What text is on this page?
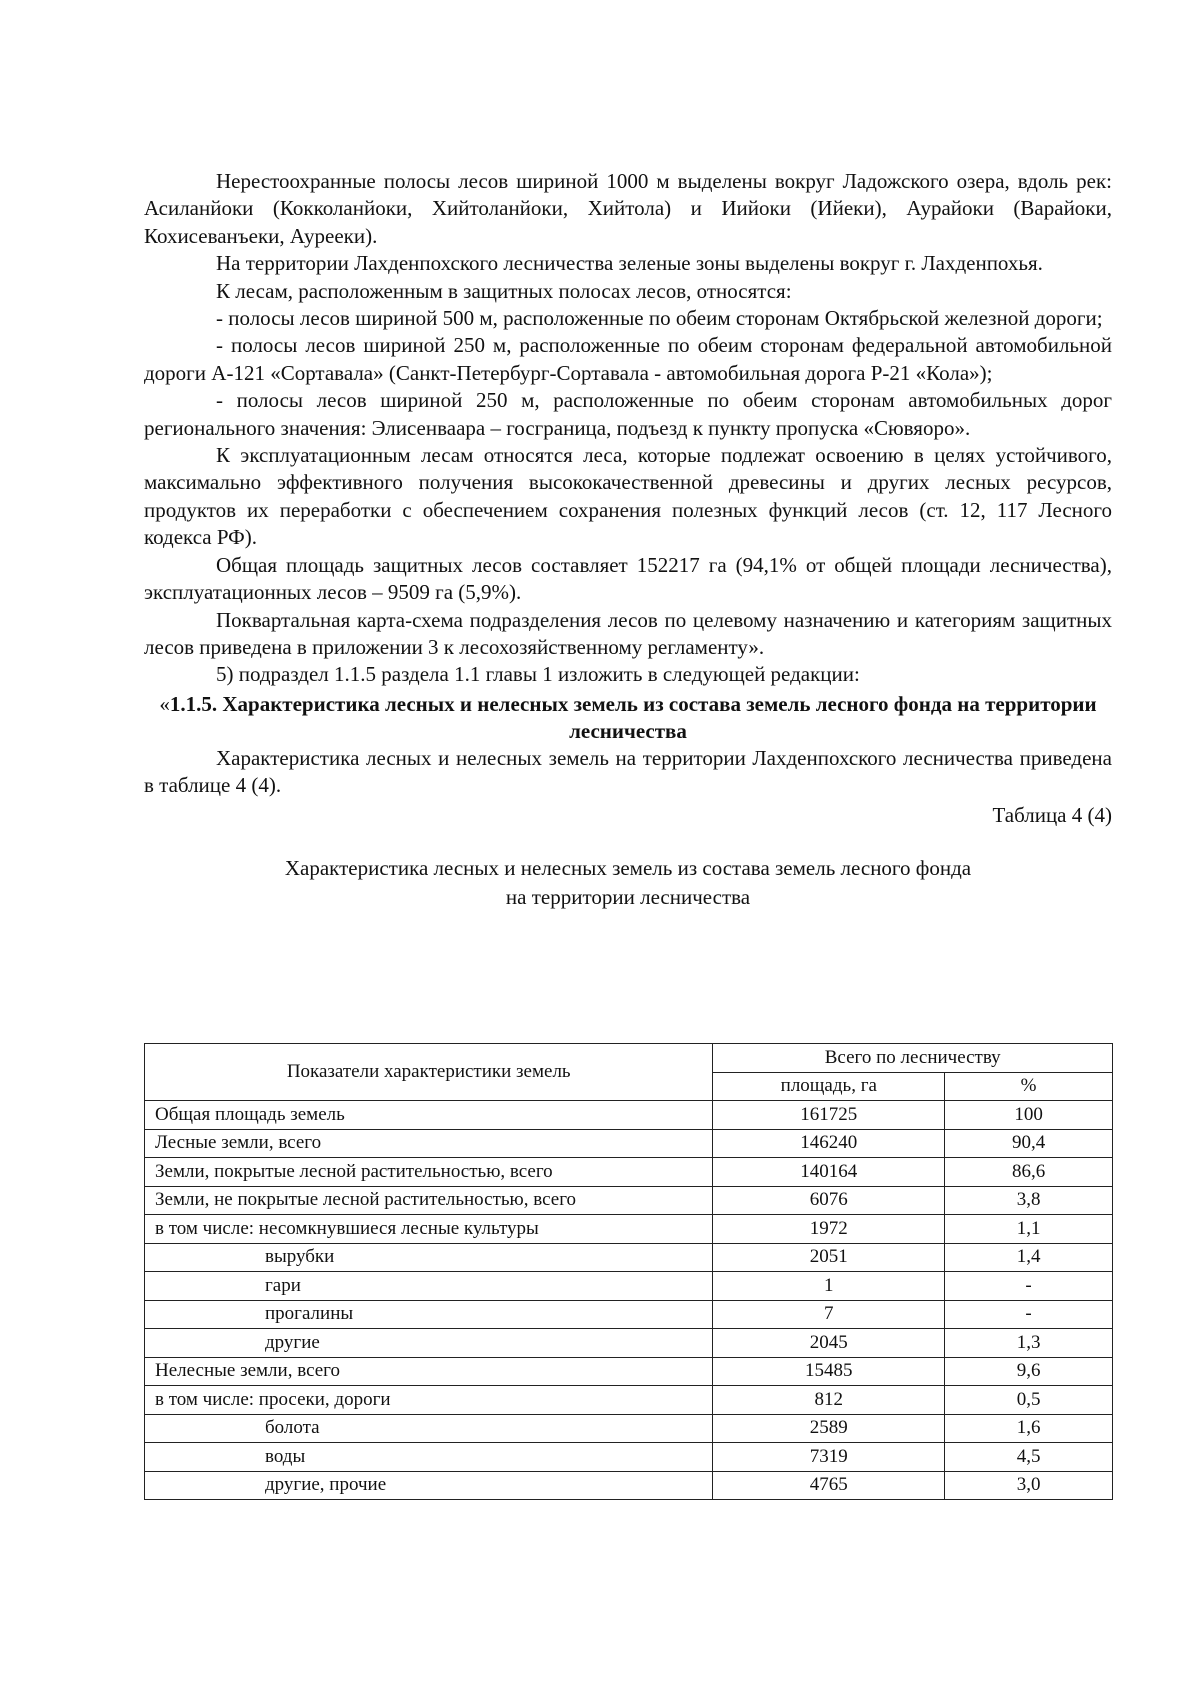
Нерестоохранные полосы лесов шириной 1000 м выделены вокруг Ладожского озера, вдоль рек: Асиланйоки (Кокколанйоки, Хийтоланйоки, Хийтола) и Иийоки (Ийеки), Аурайоки (Варайоки, Кохисеванъеки, Аурееки).

На территории Лахденпохского лесничества зеленые зоны выделены вокруг г. Лахденпохья.

К лесам, расположенным в защитных полосах лесов, относятся:

- полосы лесов шириной 500 м, расположенные по обеим сторонам Октябрьской железной дороги;

- полосы лесов шириной 250 м, расположенные по обеим сторонам федеральной автомобильной дороги А-121 «Сортавала» (Санкт-Петербург-Сортавала - автомобильная дорога Р-21 «Кола»);

- полосы лесов шириной 250 м, расположенные по обеим сторонам автомобильных дорог регионального значения: Элисенваара – госграница, подъезд к пункту пропуска «Сювяоро».

К эксплуатационным лесам относятся леса, которые подлежат освоению в целях устойчивого, максимально эффективного получения высококачественной древесины и других лесных ресурсов, продуктов их переработки с обеспечением сохранения полезных функций лесов (ст. 12, 117 Лесного кодекса РФ).

Общая площадь защитных лесов составляет 152217 га (94,1% от общей площади лесничества), эксплуатационных лесов – 9509 га (5,9%).

Поквартальная карта-схема подразделения лесов по целевому назначению и категориям защитных лесов приведена в приложении 3 к лесохозяйственному регламенту».

5) подраздел 1.1.5 раздела 1.1 главы 1 изложить в следующей редакции:

«1.1.5. Характеристика лесных и нелесных земель из состава земель лесного фонда на территории лесничества

Характеристика лесных и нелесных земель на территории Лахденпохского лесничества приведена в таблице 4 (4).

Таблица 4 (4)

Характеристика лесных и нелесных земель из состава земель лесного фонда
на территории лесничества

Показатели характеристики земель	Всего по лесничеству	
	площадь, га	%
Общая площадь земель	161725	100
Лесные земли, всего	146240	90,4
Земли, покрытые лесной растительностью, всего	140164	86,6
Земли, не покрытые лесной растительностью, всего	6076	3,8
в том числе: несомкнувшиеся лесные культуры	1972	1,1
вырубки	2051	1,4
гари	1	-
прогалины	7	-
другие	2045	1,3
Нелесные земли, всего	15485	9,6
в том числе: просеки, дороги	812	0,5
болота	2589	1,6
воды	7319	4,5
другие, прочие	4765	3,0
